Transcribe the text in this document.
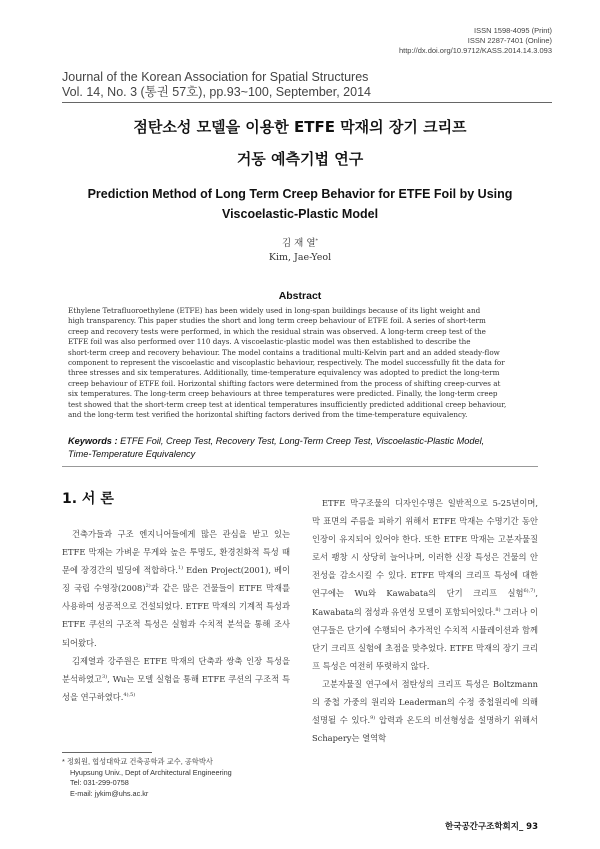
ISSN 1598-4095 (Print)
ISSN 2287-7401 (Online)
http://dx.doi.org/10.9712/KASS.2014.14.3.093
Journal of the Korean Association for Spatial Structures
Vol. 14, No. 3 (통권 57호), pp.93~100, September, 2014
점탄소성 모델을 이용한 ETFE 막재의 장기 크리프
거동 예측기법 연구
Prediction Method of Long Term Creep Behavior for ETFE Foil by Using
Viscoelastic-Plastic Model
김 재 열*
Kim, Jae-Yeol
Abstract
Ethylene Tetrafluoroethylene (ETFE) has been widely used in long-span buildings because of its light weight and
high transparency. This paper studies the short and long term creep behaviour of ETFE foil. A series of short-term
creep and recovery tests were performed, in which the residual strain was observed. A long-term creep test of the
ETFE foil was also performed over 110 days. A viscoelastic-plastic model was then established to describe the
short-term creep and recovery behaviour. The model contains a traditional multi-Kelvin part and an added steady-flow
component to represent the viscoelastic and viscoplastic behaviour, respectively. The model successfully fit the data for
three stresses and six temperatures. Additionally, time-temperature equivalency was adopted to predict the long-term
creep behaviour of ETFE foil. Horizontal shifting factors were determined from the process of shifting creep-curves at
six temperatures. The long-term creep behaviours at three temperatures were predicted. Finally, the long-term creep
test showed that the short-term creep test at identical temperatures insufficiently predicted additional creep behaviour,
and the long-term test verified the horizontal shifting factors derived from the time-temperature equivalency.
Keywords : ETFE Foil, Creep Test, Recovery Test, Long-Term Creep Test, Viscoelastic-Plastic Model,
Time-Temperature Equivalency
1. 서 론

건축가들과 구조 엔지니어들에게 많은 관심을 받고 있는 ETFE 막재는 가벼운 무게와 높은 투명도, 환경친화적 특성 때문에 장경간의 빌딩에 적합하다.$^{1)}$ Eden Project(2001), 베이징 국립 수영장$(2008)^{2)}$과 같은 많은 건물들이 ETFE 막재를 사용하여 성공적으로 건설되었다. ETFE 막재의 기계적 특성과 ETFE 쿠션의 구조적 특성은 실험과 수치적 분석을 통해 조사되어왔다.

김제열과 강주원은 ETFE 막재의 단축과 쌍축 인장 특성을 분석하였고$^{3)}$, Wu는 모델 실험을 통해 ETFE 쿠션의 구조적 특성을 연구하였다.$^{4),5)}$

ETFE 막구조물의 디자인수명은 일반적으로 5-25년이며, 막 표면의 주름을 피하기 위해서 ETFE 막재는 수명기간 동안 인장이 유지되어 있어야 한다. 또한 ETFE 막재는 고분자물질로서 팽창 시 상당히 늘어나며, 이러한 신장 특성은 건물의 안전성을 감소시킬 수 있다. ETFE 막재의 크리프 특성에 대한 연구에는 Wu와 Kawabata의 단기 크리프 실험$^{6),7)}$, Kawabata의 점성과 유연성 모델이 포함되어있다.$^{8)}$ 그러나 이 연구들은 단기에 수행되어 추가적인 수치적 시뮬레이션과 함께 단기 크리프 실험에 초점을 맞추었다. ETFE 막재의 장기 크리프 특성은 여전히 뚜렷하지 않다.

고분자물질 연구에서 점탄성의 크리프 특성은 Boltzmann의 중첩 가중의 원리와 Leaderman의 수정 중첩원리에 의해 설명될 수 있다.$^{9)}$ 압력과 온도의 비선형성을 설명하기 위해서 Schapery는 열역학

* 정회원, 협성대학교 건축공학과 교수, 공학박사
Hyupsung Univ., Dept of Architectural Engineering
Tel: 031-299-0758
E-mail: jykim@uhs.ac.kr
한국공간구조학회지_ 93
